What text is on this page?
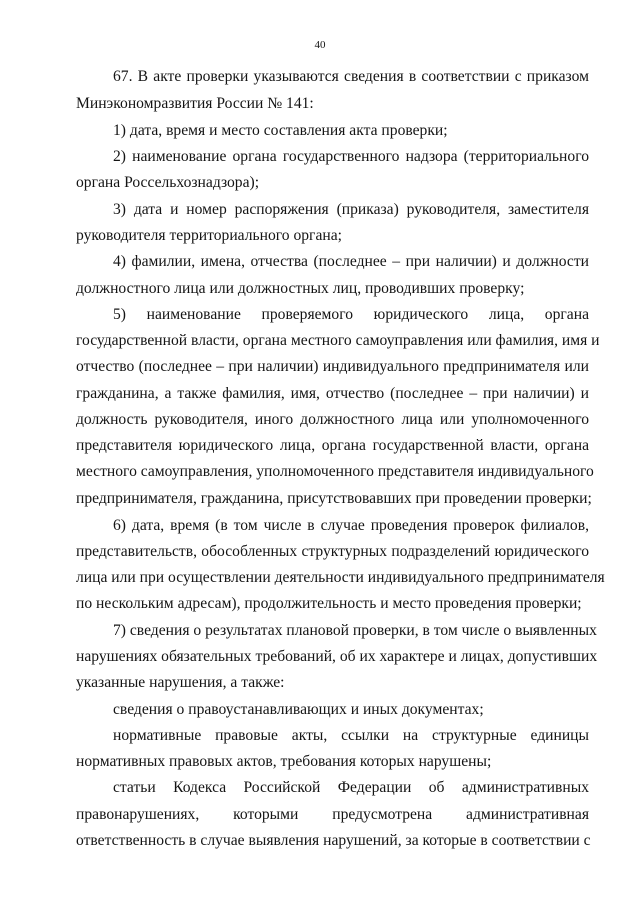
40
67. В акте проверки указываются сведения в соответствии с приказом
Минэкономразвития России № 141:
1) дата, время и место составления акта проверки;
2) наименование органа государственного надзора (территориального
органа Россельхознадзора);
3) дата и номер распоряжения (приказа) руководителя, заместителя
руководителя территориального органа;
4) фамилии, имена, отчества (последнее – при наличии) и должности
должностного лица или должностных лиц, проводивших проверку;
5) наименование проверяемого юридического лица, органа
государственной власти, органа местного самоуправления или фамилия, имя и
отчество (последнее – при наличии) индивидуального предпринимателя или
гражданина, а также фамилия, имя, отчество (последнее – при наличии) и
должность руководителя, иного должностного лица или уполномоченного
представителя юридического лица, органа государственной власти, органа
местного самоуправления, уполномоченного представителя индивидуального
предпринимателя, гражданина, присутствовавших при проведении проверки;
6) дата, время (в том числе в случае проведения проверок филиалов,
представительств, обособленных структурных подразделений юридического
лица или при осуществлении деятельности индивидуального предпринимателя
по нескольким адресам), продолжительность и место проведения проверки;
7) сведения о результатах плановой проверки, в том числе о выявленных
нарушениях обязательных требований, об их характере и лицах, допустивших
указанные нарушения, а также:
сведения о правоустанавливающих и иных документах;
нормативные правовые акты, ссылки на структурные единицы
нормативных правовых актов, требования которых нарушены;
статьи Кодекса Российской Федерации об административных
правонарушениях, которыми предусмотрена административная
ответственность в случае выявления нарушений, за которые в соответствии с
